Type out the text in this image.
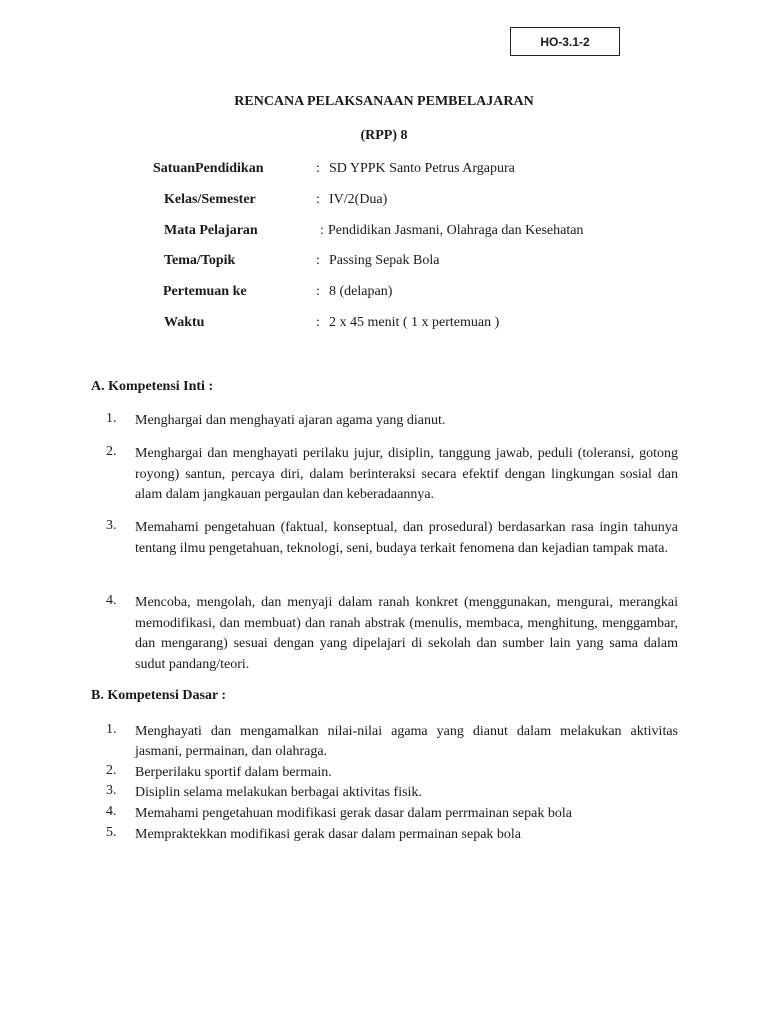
HO-3.1-2
RENCANA PELAKSANAAN PEMBELAJARAN
(RPP) 8
SatuanPendidikan	: SD YPPK Santo Petrus Argapura
Kelas/Semester	: IV/2(Dua)
Mata Pelajaran	: Pendidikan Jasmani, Olahraga dan Kesehatan
Tema/Topik	: Passing Sepak Bola
Pertemuan ke	: 8 (delapan)
Waktu	: 2 x 45 menit ( 1 x pertemuan )
A. Kompetensi Inti :
1. Menghargai dan menghayati ajaran agama yang dianut.
2. Menghargai dan menghayati perilaku jujur, disiplin, tanggung jawab, peduli (toleransi, gotong royong) santun, percaya diri, dalam berinteraksi secara efektif dengan lingkungan sosial dan alam dalam jangkauan pergaulan dan keberadaannya.
3. Memahami pengetahuan (faktual, konseptual, dan prosedural) berdasarkan rasa ingin tahunya tentang ilmu pengetahuan, teknologi, seni, budaya terkait fenomena dan kejadian tampak mata.
4. Mencoba, mengolah, dan menyaji dalam ranah konkret (menggunakan, mengurai, merangkai memodifikasi, dan membuat) dan ranah abstrak (menulis, membaca, menghitung, menggambar, dan mengarang) sesuai dengan yang dipelajari di sekolah dan sumber lain yang sama dalam sudut pandang/teori.
B. Kompetensi Dasar :
1. Menghayati dan mengamalkan nilai-nilai agama yang dianut dalam melakukan aktivitas jasmani, permainan, dan olahraga.
2. Berperilaku sportif dalam bermain.
3. Disiplin selama melakukan berbagai aktivitas fisik.
4. Memahami pengetahuan modifikasi gerak dasar dalam perrmainan sepak bola
5. Mempraktekkan modifikasi gerak dasar dalam permainan sepak bola
